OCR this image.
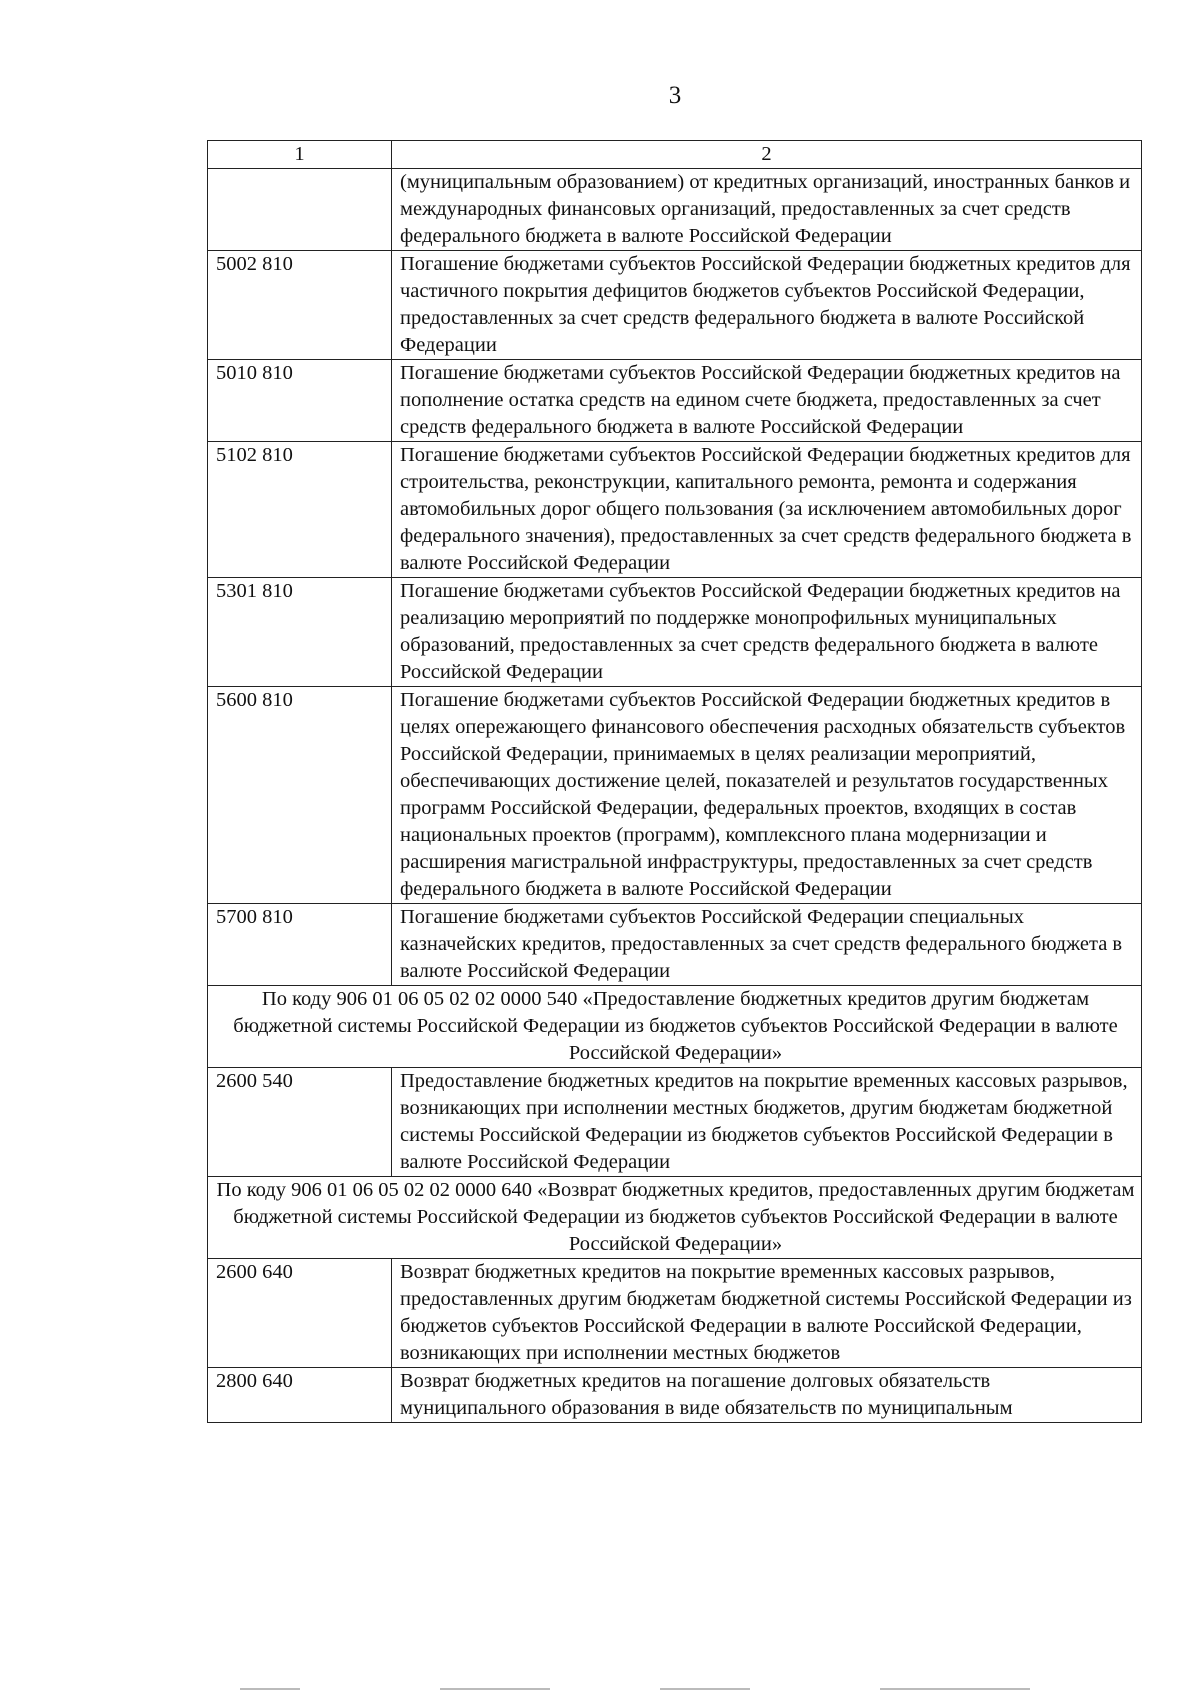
3
1	2
	(муниципальным образованием) от кредитных организаций, иностранных банков и международных финансовых организаций, предоставленных за счет средств федерального бюджета в валюте Российской Федерации
5002 810	Погашение бюджетами субъектов Российской Федерации бюджетных кредитов для частичного покрытия дефицитов бюджетов субъектов Российской Федерации, предоставленных за счет средств федерального бюджета в валюте Российской Федерации
5010 810	Погашение бюджетами субъектов Российской Федерации бюджетных кредитов на пополнение остатка средств на едином счете бюджета, предоставленных за счет средств федерального бюджета в валюте Российской Федерации
5102 810	Погашение бюджетами субъектов Российской Федерации бюджетных кредитов для строительства, реконструкции, капитального ремонта, ремонта и содержания автомобильных дорог общего пользования (за исключением автомобильных дорог федерального значения), предоставленных за счет средств федерального бюджета в валюте Российской Федерации
5301 810	Погашение бюджетами субъектов Российской Федерации бюджетных кредитов на реализацию мероприятий по поддержке монопрофильных муниципальных образований, предоставленных за счет средств федерального бюджета в валюте Российской Федерации
5600 810	Погашение бюджетами субъектов Российской Федерации бюджетных кредитов в целях опережающего финансового обеспечения расходных обязательств субъектов Российской Федерации, принимаемых в целях реализации мероприятий, обеспечивающих достижение целей, показателей и результатов государственных программ Российской Федерации, федеральных проектов, входящих в состав национальных проектов (программ), комплексного плана модернизации и расширения магистральной инфраструктуры, предоставленных за счет средств федерального бюджета в валюте Российской Федерации
5700 810	Погашение бюджетами субъектов Российской Федерации специальных казначейских кредитов, предоставленных за счет средств федерального бюджета в валюте Российской Федерации
По коду 906 01 06 05 02 02 0000 540 «Предоставление бюджетных кредитов другим бюджетам бюджетной системы Российской Федерации из бюджетов субъектов Российской Федерации в валюте Российской Федерации»	
2600 540	Предоставление бюджетных кредитов на покрытие временных кассовых разрывов, возникающих при исполнении местных бюджетов, другим бюджетам бюджетной системы Российской Федерации из бюджетов субъектов Российской Федерации в валюте Российской Федерации
По коду 906 01 06 05 02 02 0000 640 «Возврат бюджетных кредитов, предоставленных другим бюджетам бюджетной системы Российской Федерации из бюджетов субъектов Российской Федерации в валюте Российской Федерации»	
2600 640	Возврат бюджетных кредитов на покрытие временных кассовых разрывов, предоставленных другим бюджетам бюджетной системы Российской Федерации из бюджетов субъектов Российской Федерации в валюте Российской Федерации, возникающих при исполнении местных бюджетов
2800 640	Возврат бюджетных кредитов на погашение долговых обязательств муниципального образования в виде обязательств по муниципальным
